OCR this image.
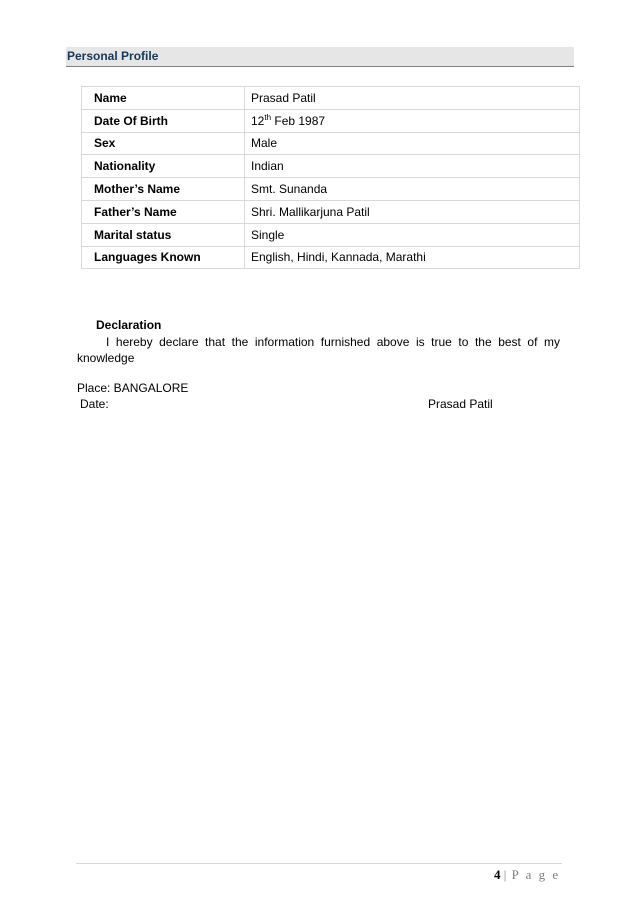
Personal Profile
Name	Prasad Patil
Date Of Birth	12th Feb 1987
Sex	Male
Nationality	Indian
Mother’s Name	Smt. Sunanda
Father’s Name	Shri. Mallikarjuna Patil
Marital status	Single
Languages Known	English, Hindi, Kannada, Marathi
Declaration
I hereby declare that the information furnished above is true to the best of my knowledge
Place: BANGALORE
Date:	Prasad Patil
4 | P a g e
